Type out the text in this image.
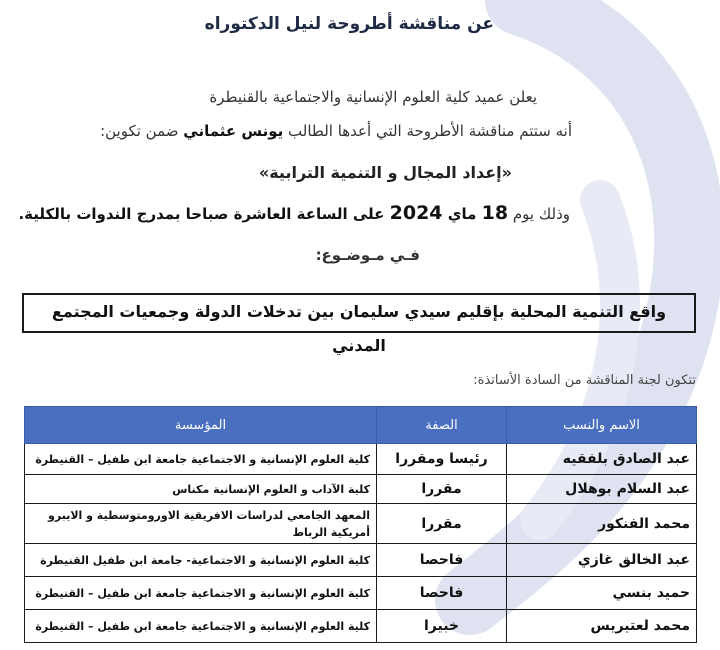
عن مناقشة أطروحة لنيل الدكتوراه
يعلن عميد كلية العلوم الإنسانية والاجتماعية بالقنيطرة
أنه ستتم مناقشة الأطروحة التي أعدها الطالب يونس عثماني ضمن تكوين:
«إعداد المجال و التنمية الترابية»
وذلك يوم 18 ماي 2024 على الساعة العاشرة صباحا بمدرج الندوات بالكلية.
فـي مـوضـوع:
واقع التنمية المحلية بإقليم سيدي سليمان بين تدخلات الدولة وجمعيات المجتمع المدني
تتكون لجنة المناقشة من السادة الأساتذة:
الاسم والنسب	الصفة	المؤسسة
عبد الصادق بلفقيه	رئيسا ومقررا	كلية العلوم الإنسانية و الاجتماعية جامعة ابن طفيل – القنيطرة
عبد السلام بوهلال	مقررا	كلية الآداب و العلوم الإنسانية مكناس
محمد الفنكور	مقررا	المعهد الجامعي لدراسات الافريقية الاورومتوسطية و الايبرو أمريكية الرباط
عبد الخالق غازي	فاحصا	كلية العلوم الإنسانية و الاجتماعية- جامعة ابن طفيل القنيطرة
حميد بنسي	فاحصا	كلية العلوم الإنسانية و الاجتماعية جامعة ابن طفيل – القنيطرة
محمد لعتيريس	خبيرا	كلية العلوم الإنسانية و الاجتماعية جامعة ابن طفيل – القنيطرة
